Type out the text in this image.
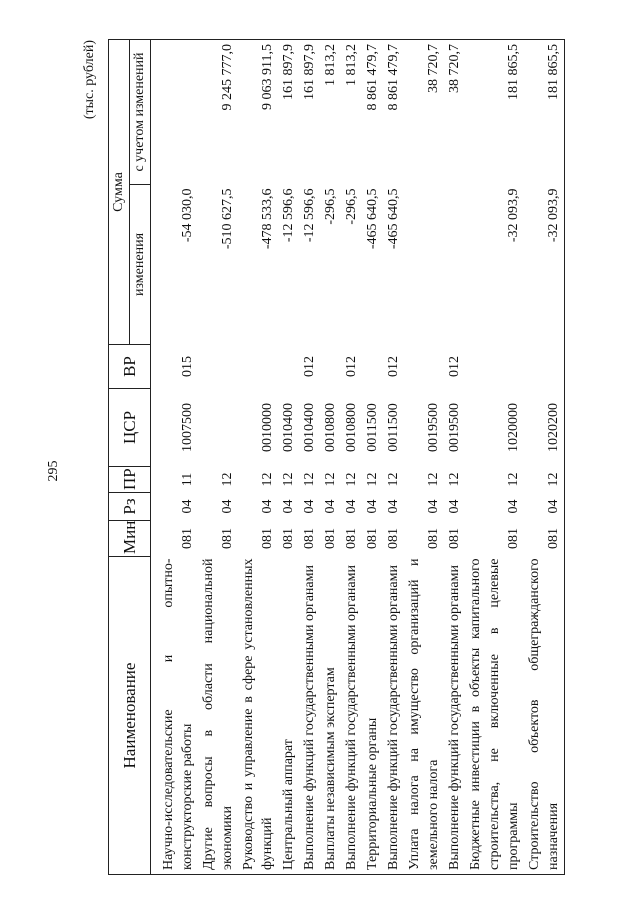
295
(тыс. рублей)
Наименование	Мин	Рз	ПР	ЦСР	ВР	Сумма	
						изменения	с учетом изменений
Научно-исследовательские и опытно-конструкторские работы	081	04	11	1007500	015	-54 030,0	
Другие вопросы в области национальной экономики	081	04	12			-510 627,5	9 245 777,0
Руководство и управление в сфере установленных функций	081	04	12	0010000		-478 533,6	9 063 911,5
Центральный аппарат	081	04	12	0010400		-12 596,6	161 897,9
Выполнение функций государственными органами	081	04	12	0010400	012	-12 596,6	161 897,9
Выплаты независимым экспертам	081	04	12	0010800		-296,5	1 813,2
Выполнение функций государственными органами	081	04	12	0010800	012	-296,5	1 813,2
Территориальные органы	081	04	12	0011500		-465 640,5	8 861 479,7
Выполнение функций государственными органами	081	04	12	0011500	012	-465 640,5	8 861 479,7
Уплата налога на имущество организаций и земельного налога	081	04	12	0019500			38 720,7
Выполнение функций государственными органами	081	04	12	0019500	012		38 720,7
Бюджетные инвестиции в объекты капитального строительства, не включенные в целевые программы	081	04	12	1020000		-32 093,9	181 865,5
Строительство объектов общегражданского назначения	081	04	12	1020200		-32 093,9	181 865,5
